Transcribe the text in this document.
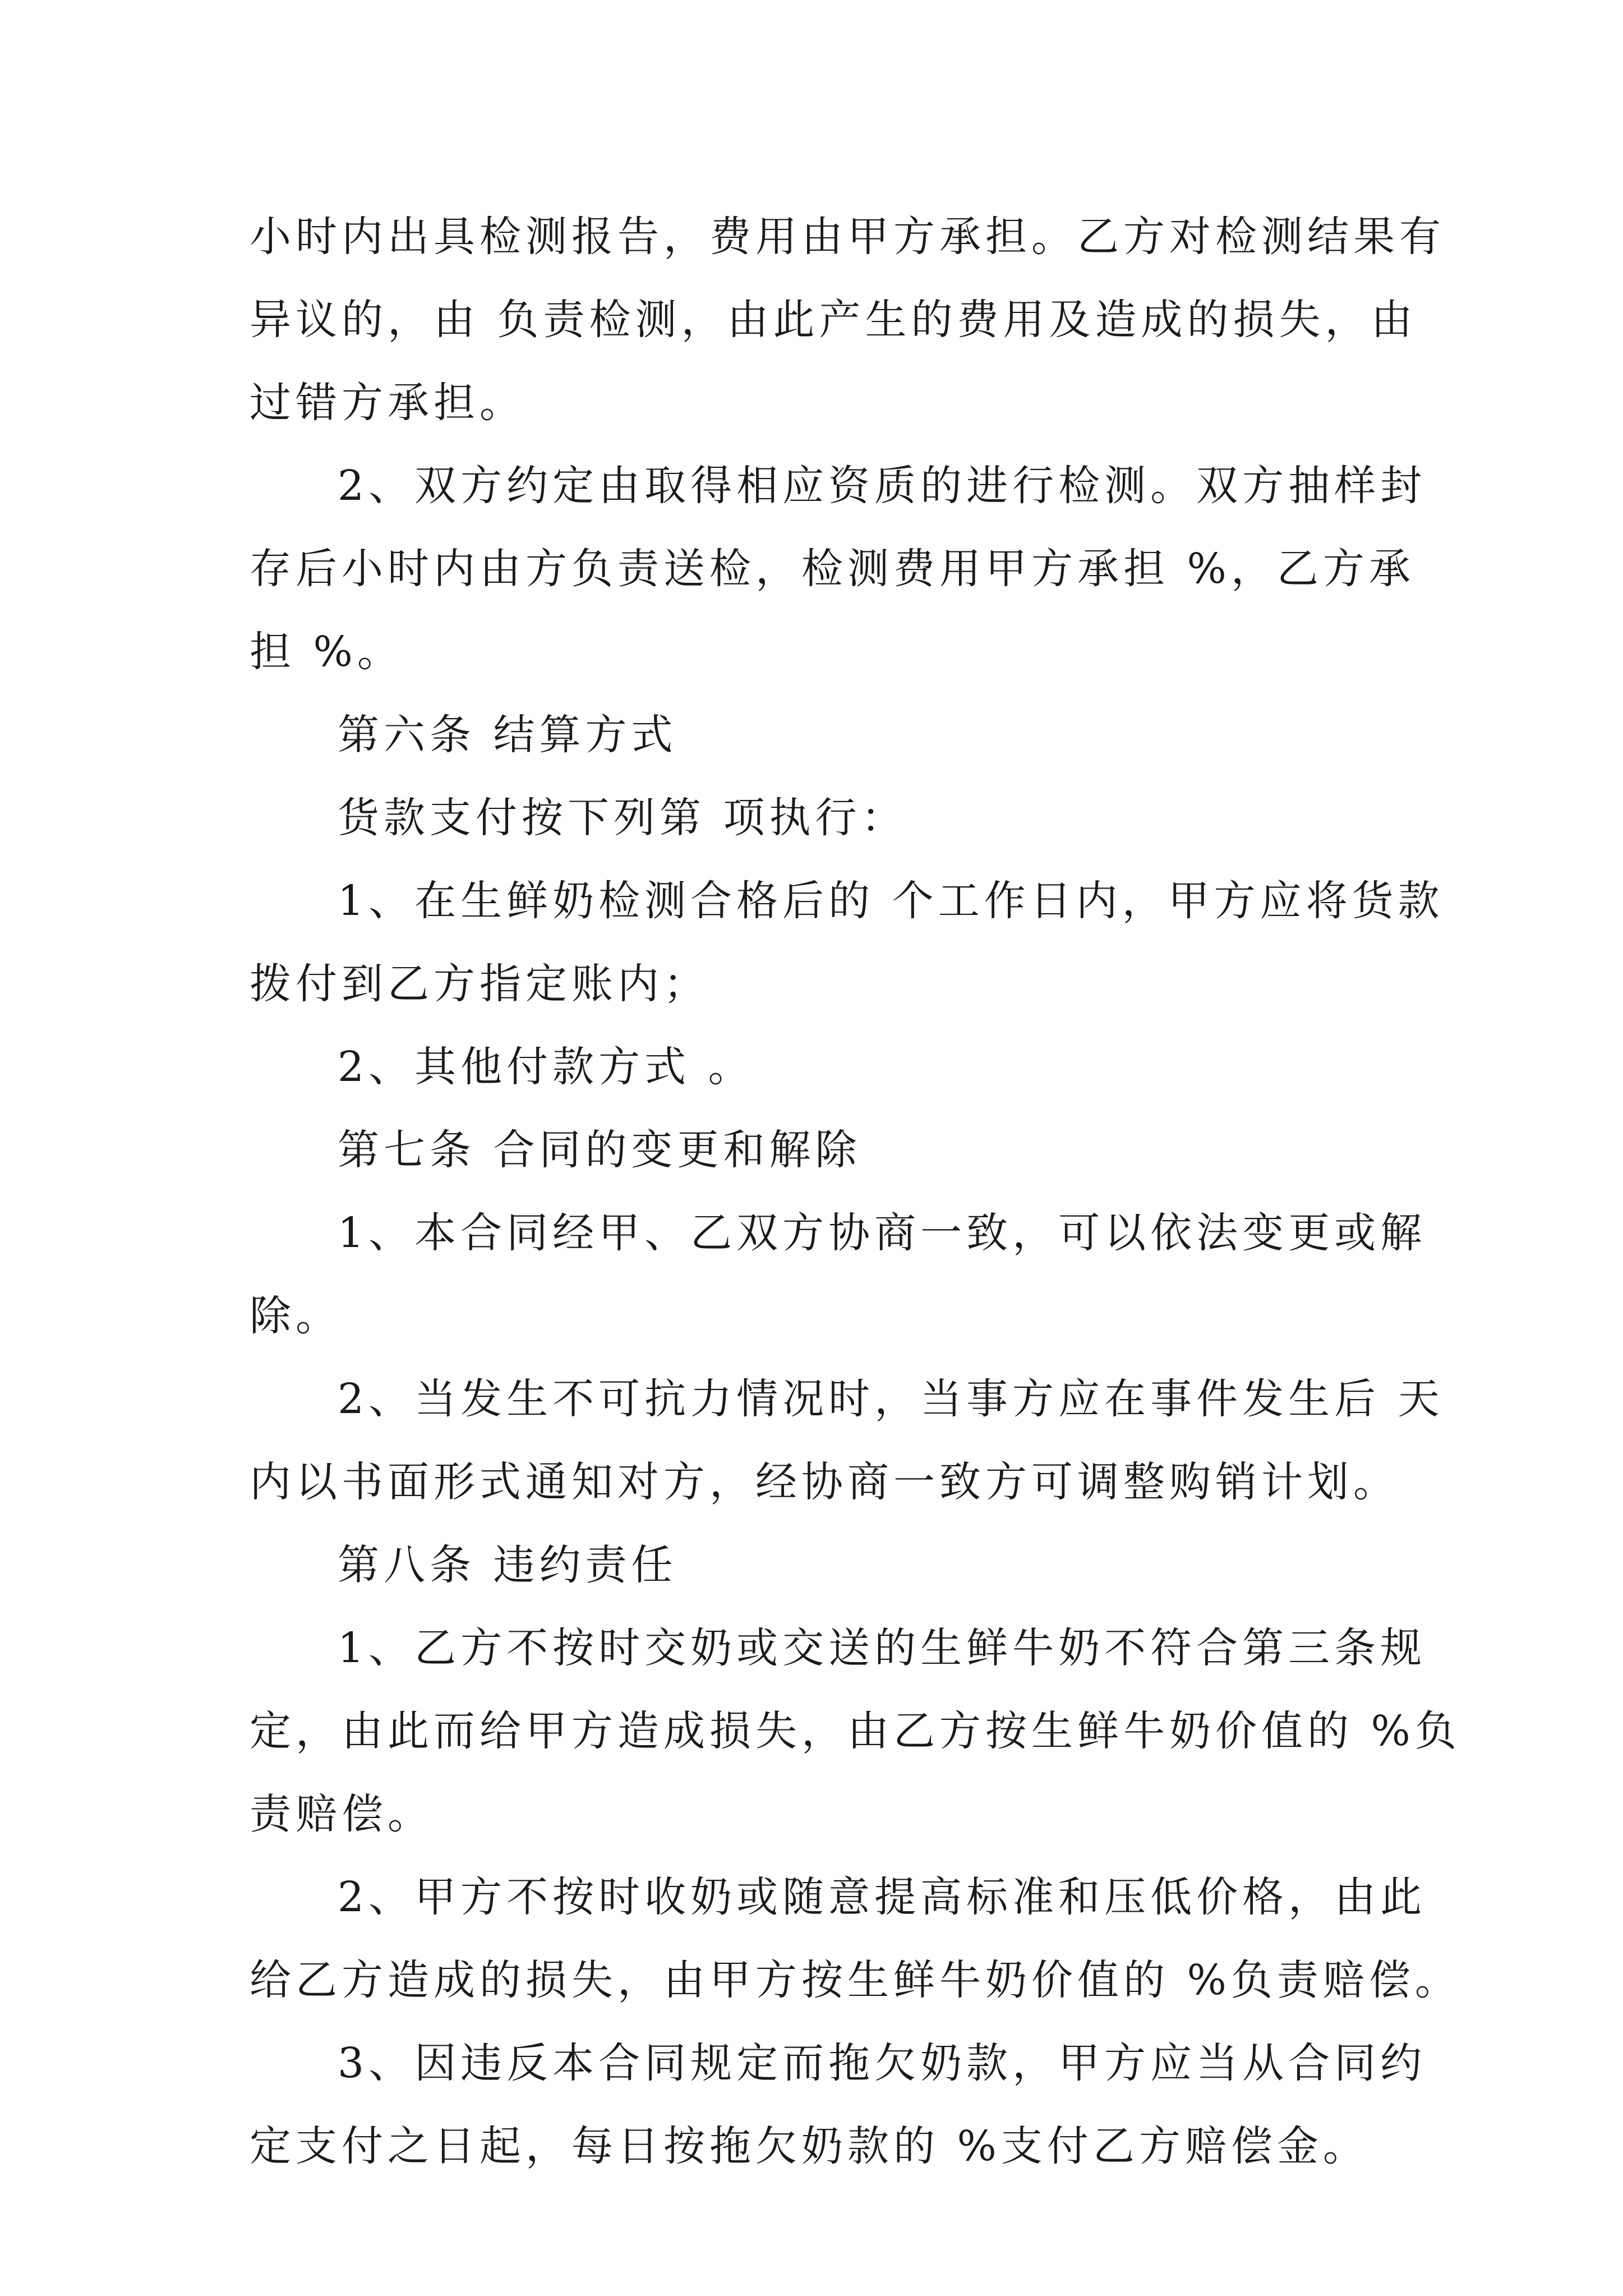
小时内出具检测报告，费用由甲方承担。乙方对检测结果有
异议的，由 负责检测，由此产生的费用及造成的损失，由
过错方承担。
2、双方约定由取得相应资质的进行检测。双方抽样封
存后小时内由方负责送检，检测费用甲方承担 %，乙方承
担 %。
第六条 结算方式
货款支付按下列第 项执行：
1、在生鲜奶检测合格后的 个工作日内，甲方应将货款
拨付到乙方指定账内；
2、其他付款方式 。
第七条 合同的变更和解除
1、本合同经甲、乙双方协商一致，可以依法变更或解
除。
2、当发生不可抗力情况时，当事方应在事件发生后 天
内以书面形式通知对方，经协商一致方可调整购销计划。
第八条 违约责任
1、乙方不按时交奶或交送的生鲜牛奶不符合第三条规
定，由此而给甲方造成损失，由乙方按生鲜牛奶价值的 %负
责赔偿。
2、甲方不按时收奶或随意提高标准和压低价格，由此
给乙方造成的损失，由甲方按生鲜牛奶价值的 %负责赔偿。
3、因违反本合同规定而拖欠奶款，甲方应当从合同约
定支付之日起，每日按拖欠奶款的 %支付乙方赔偿金。
